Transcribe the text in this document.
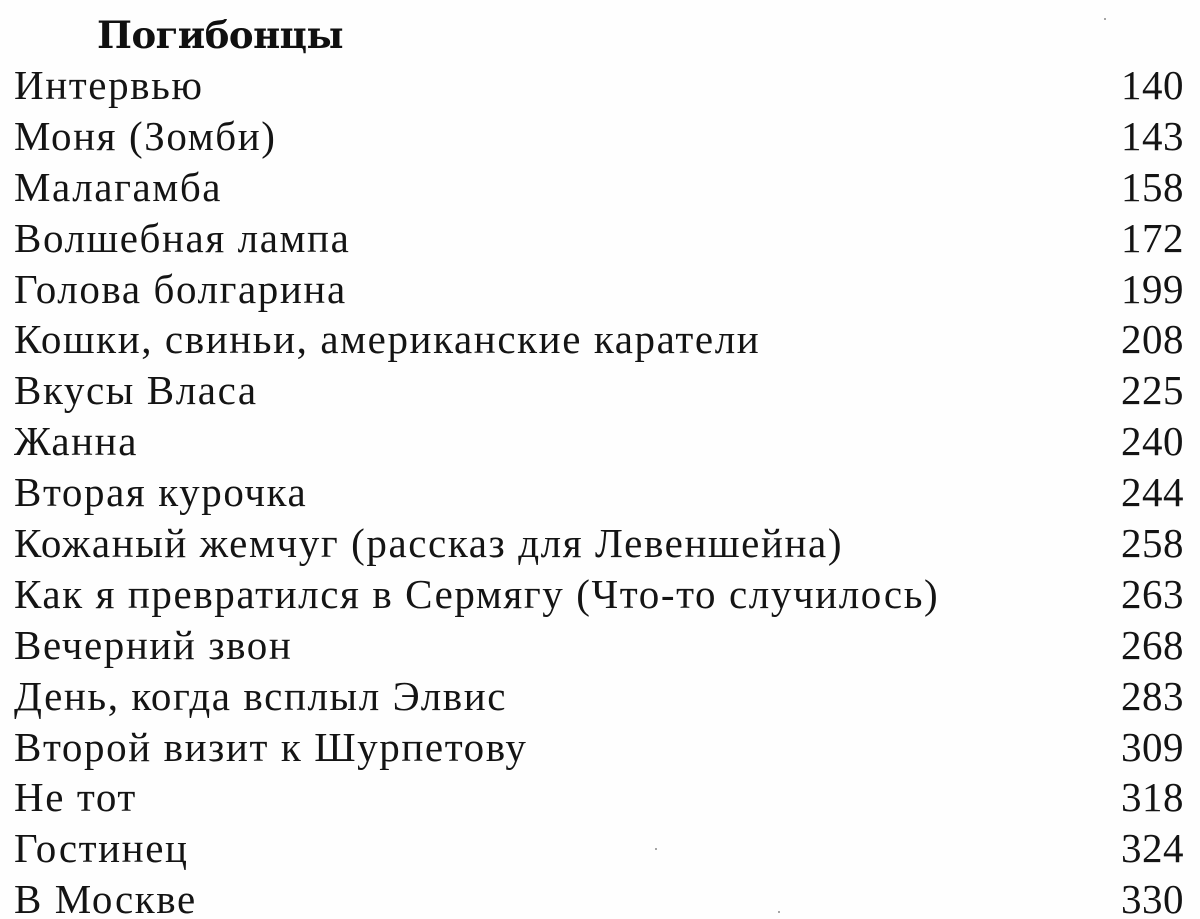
Погибонцы
Интервью	140
Моня (Зомби)	143
Малагамба	158
Волшебная лампа	172
Голова болгарина	199
Кошки, свиньи, американские каратели	208
Вкусы Власа	225
Жанна	240
Вторая курочка	244
Кожаный жемчуг (рассказ для Левеншейна)	258
Как я превратился в Сермягу (Что-то случилось)	263
Вечерний звон	268
День, когда всплыл Элвис	283
Второй визит к Шурпетову	309
Не тот	318
Гостинец	324
В Москве	330
